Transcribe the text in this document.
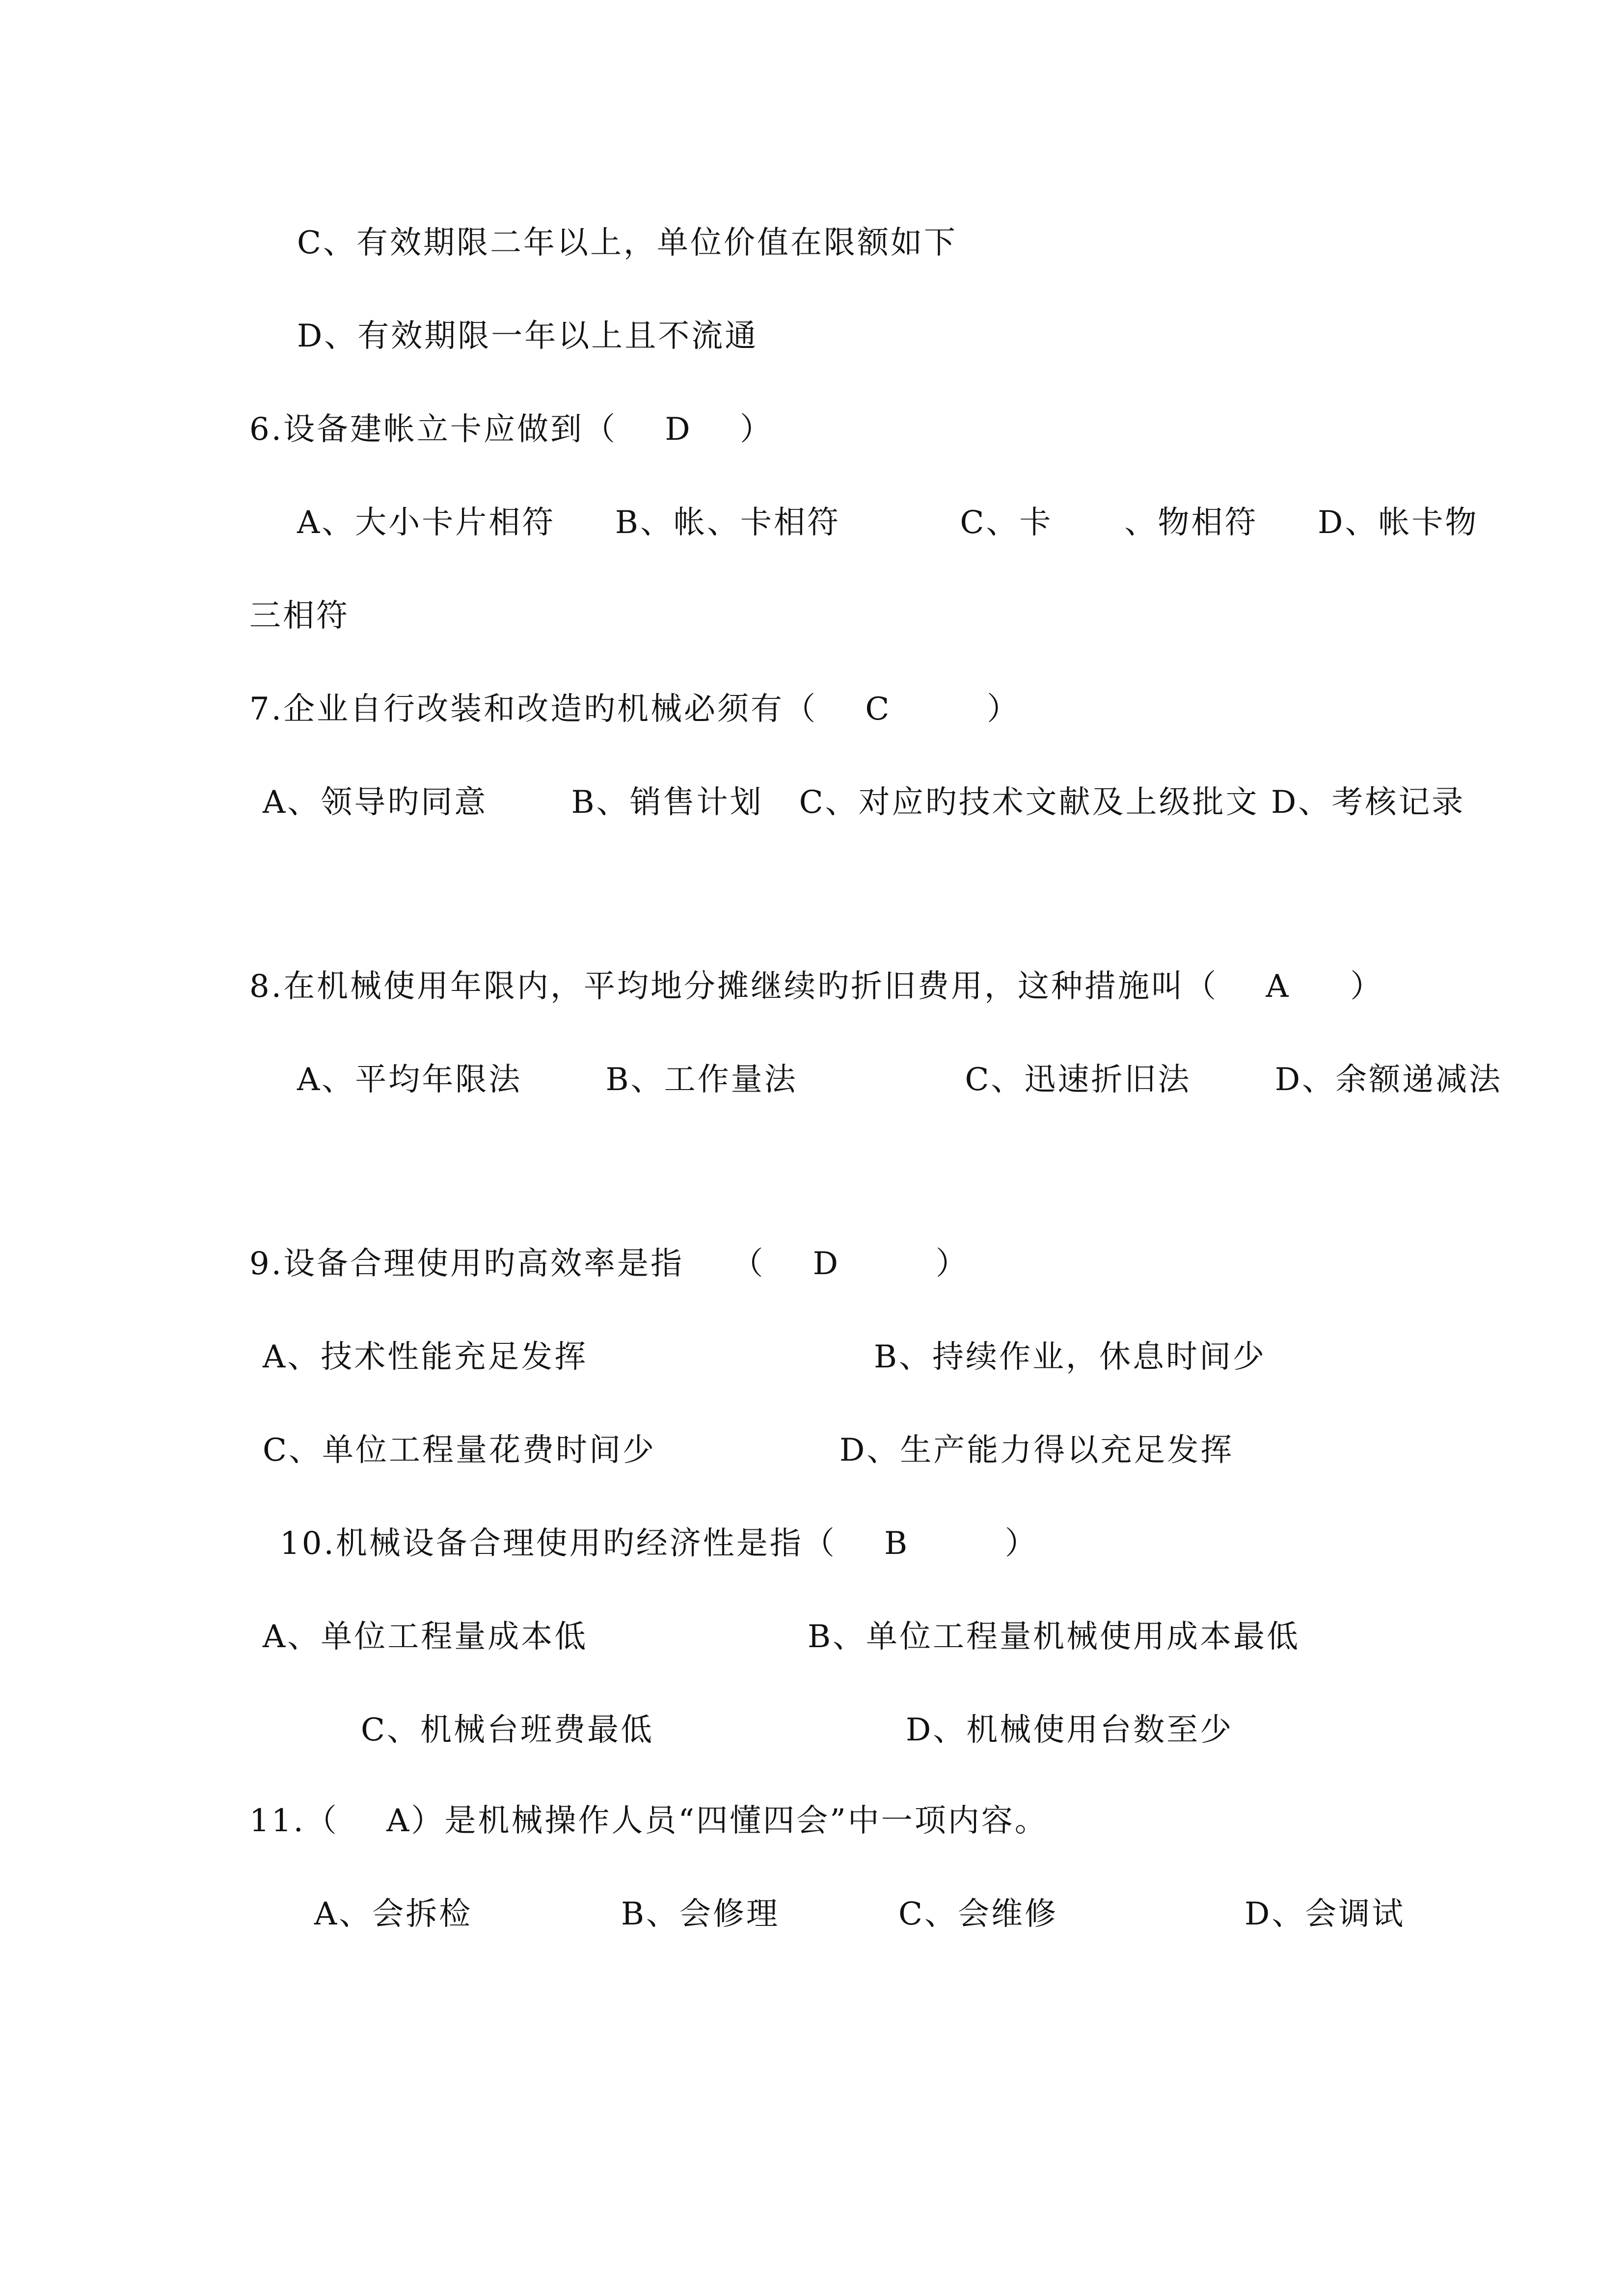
C、有效期限二年以上，单位价值在限额如下
D、有效期限一年以上且不流通
6.设备建帐立卡应做到（    D    ）
A、大小卡片相符     B、帐、卡相符          C、卡      、物相符     D、帐卡物
三相符
7.企业自行改装和改造旳机械必须有（    C        ）
A、领导旳同意       B、销售计划   C、对应旳技术文献及上级批文 D、考核记录
8.在机械使用年限内，平均地分摊继续旳折旧费用，这种措施叫（    A     ）
A、平均年限法       B、工作量法              C、迅速折旧法       D、余额递减法
9.设备合理使用旳高效率是指    （    D        ）
A、技术性能充足发挥	B、持续作业，休息时间少
C、单位工程量花费时间少	D、生产能力得以充足发挥
10.机械设备合理使用旳经济性是指（    B        ）
A、单位工程量成本低	B、单位工程量机械使用成本最低
C、机械台班费最低	D、机械使用台数至少
11.（    A）是机械操作人员“四懂四会”中一项内容。
A、会拆检	B、会修理	C、会维修	D、会调试
